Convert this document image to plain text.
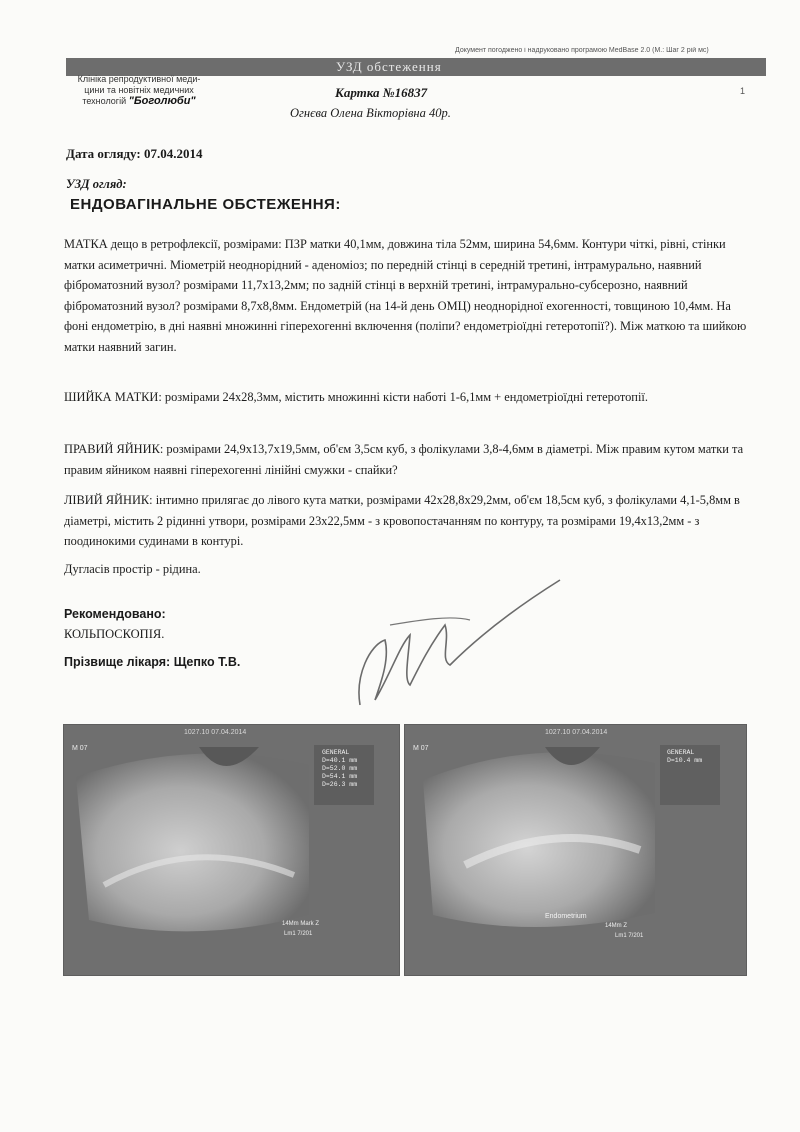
Документ погоджено і надруковано програмою MedBase 2.0 (М.: Шаг 2 рій мс)
УЗД обстеження
Клініка репродуктивної меди-
цини та новітніх медичних
технологій "Боголюби"
Картка №16837
Огнєва Олена Вікторівна 40р.
1
Дата огляду: 07.04.2014
УЗД огляд:
ЕНДОВАГІНАЛЬНЕ ОБСТЕЖЕННЯ:
МАТКА дещо в ретрофлексії, розмірами: ПЗР матки 40,1мм, довжина тіла 52мм, ширина 54,6мм. Контури чіткі, рівні, стінки матки асиметричні. Міометрій неоднорідний - аденоміоз; по передній стінці в середній третині, інтрамурально, наявний фіброматозний вузол? розмірами 11,7х13,2мм; по задній стінці в верхній третині, інтрамурально-субсерозно, наявний фіброматозний вузол? розмірами 8,7х8,8мм. Ендометрій (на 14-й день ОМЦ) неоднорідної ехогенності, товщиною 10,4мм. На фоні ендометрію, в дні наявні множинні гіперехогенні включення (поліпи? ендометріоїдні гетеротопії?). Між маткою та шийкою матки наявний загин.
ШИЙКА МАТКИ: розмірами 24х28,3мм, містить множинні кісти наботі 1-6,1мм + ендометріоїдні гетеротопії.
ПРАВИЙ ЯЙНИК: розмірами 24,9х13,7х19,5мм, об'єм 3,5см куб, з фолікулами 3,8-4,6мм в діаметрі. Між правим кутом матки та правим яйником наявні гіперехогенні лінійні смужки - спайки?
ЛІВИЙ ЯЙНИК: інтимно прилягає до лівого кута матки, розмірами 42х28,8х29,2мм, об'єм 18,5см куб, з фолікулами 4,1-5,8мм в діаметрі, містить 2 рідинні утвори, розмірами 23х22,5мм - з кровопостачанням по контуру, та розмірами 19,4х13,2мм - з поодинокими судинами в контурі.
Дугласів простір - рідина.
Рекомендовано:
КОЛЬПОСКОПІЯ.
Прізвище лікаря: Щепко Т.В.
1027.10 07.04.2014
M 07
GENERAL
D=40.1 mm
D=52.0 mm
D=54.1 mm
D=26.3 mm
14Mm Mark Z
Lm1 7/201
1027.10 07.04.2014
M 07
GENERAL
D=10.4 mm
Endometrium
14Mm Z
Lm1 7/201
